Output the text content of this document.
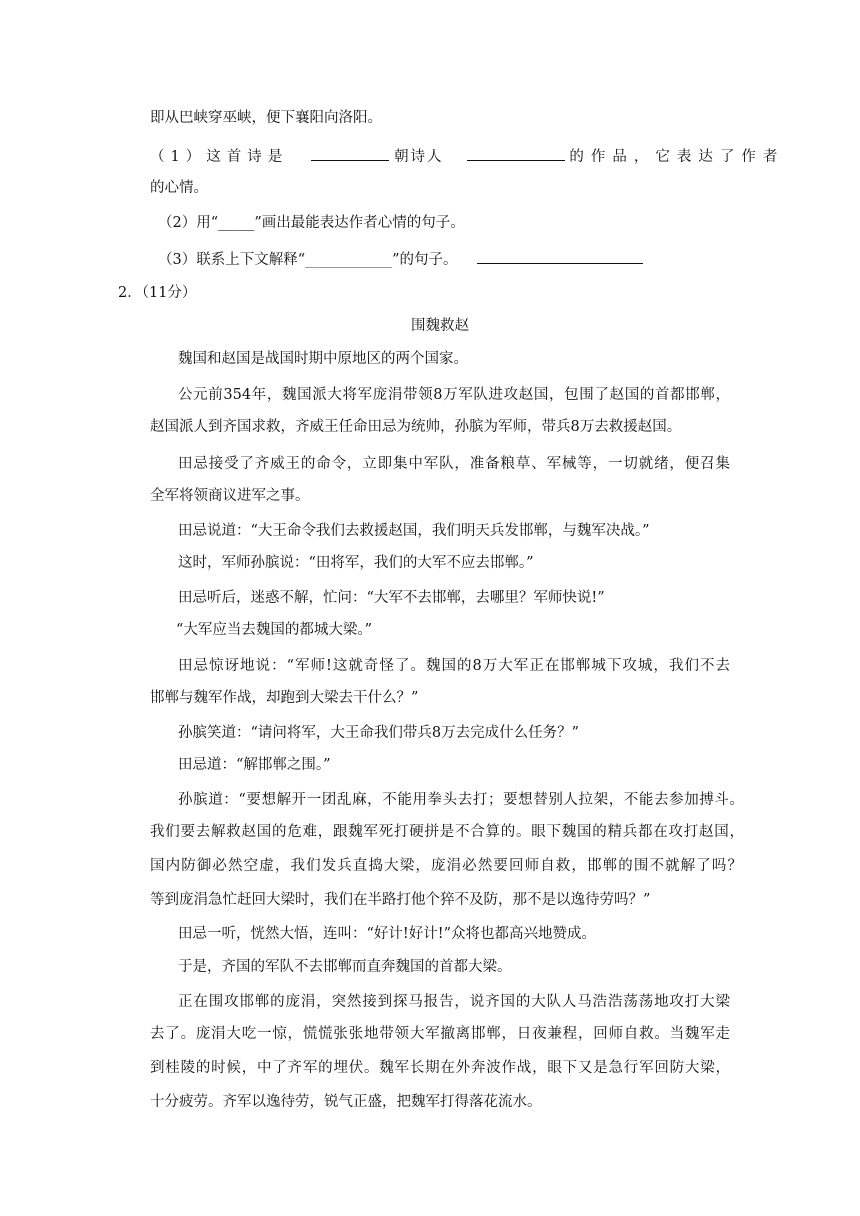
即从巴峡穿巫峡，便下襄阳向洛阳。
（1）这首诗是	朝诗人	的作品，它表达了作者
的心情。
（2）用“_____”画出最能表达作者心情的句子。
（3）联系上下文解释“____________”的句子。
2．（11分）
围魏救赵
魏国和赵国是战国时期中原地区的两个国家。
公元前354年，魏国派大将军庞涓带领8万军队进攻赵国，包围了赵国的首都邯郸，
赵国派人到齐国求救，齐威王任命田忌为统帅，孙膑为军师，带兵8万去救援赵国。
田忌接受了齐威王的命令，立即集中军队，准备粮草、军械等，一切就绪，便召集
全军将领商议进军之事。
田忌说道：“大王命令我们去救援赵国，我们明天兵发邯郸，与魏军决战。”
这时，军师孙膑说：“田将军，我们的大军不应去邯郸。”
田忌听后，迷惑不解，忙问：“大军不去邯郸，去哪里？军师快说!”
“大军应当去魏国的都城大梁。”
田忌惊讶地说：“军师!这就奇怪了。魏国的8万大军正在邯郸城下攻城，我们不去
邯郸与魏军作战，却跑到大梁去干什么？”
孙膑笑道：“请问将军，大王命我们带兵8万去完成什么任务？”
田忌道：“解邯郸之围。”
孙膑道：“要想解开一团乱麻，不能用拳头去打；要想替别人拉架，不能去参加搏斗。
我们要去解救赵国的危难，跟魏军死打硬拼是不合算的。眼下魏国的精兵都在攻打赵国，
国内防御必然空虚，我们发兵直捣大梁，庞涓必然要回师自救，邯郸的围不就解了吗？
等到庞涓急忙赶回大梁时，我们在半路打他个猝不及防，那不是以逸待劳吗？”
田忌一听，恍然大悟，连叫：“好计!好计!”众将也都高兴地赞成。
于是，齐国的军队不去邯郸而直奔魏国的首都大梁。
正在围攻邯郸的庞涓，突然接到探马报告，说齐国的大队人马浩浩荡荡地攻打大梁
去了。庞涓大吃一惊，慌慌张张地带领大军撤离邯郸，日夜兼程，回师自救。当魏军走
到桂陵的时候，中了齐军的埋伏。魏军长期在外奔波作战，眼下又是急行军回防大梁，
十分疲劳。齐军以逸待劳，锐气正盛，把魏军打得落花流水。
